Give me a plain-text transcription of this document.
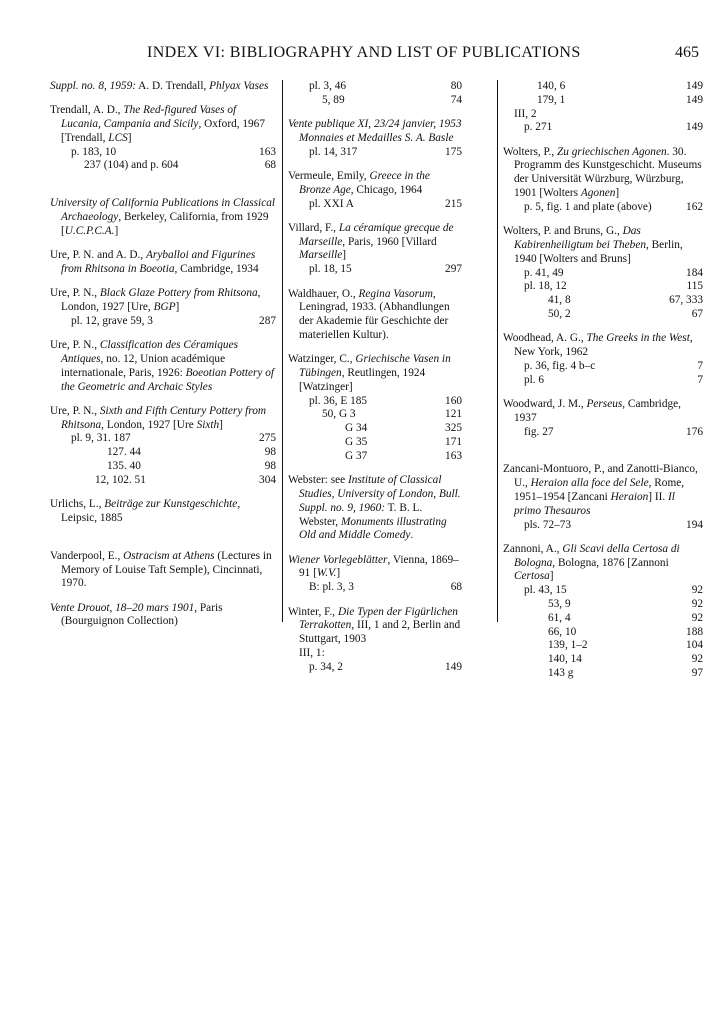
INDEX VI: BIBLIOGRAPHY AND LIST OF PUBLICATIONS	465
Suppl. no. 8, 1959: A. D. Trendall, Phlyax Vases
Trendall, A. D., The Red-figured Vases of Lucania, Campania and Sicily, Oxford, 1967 [Trendall, LCS]
p. 183, 10	163
237 (104) and p. 604	68
University of California Publications in Classical Archaeology, Berkeley, California, from 1929 [U.C.P.C.A.]
Ure, P. N. and A. D., Aryballoi and Figurines from Rhitsona in Boeotia, Cambridge, 1934
Ure, P. N., Black Glaze Pottery from Rhitsona, London, 1927 [Ure, BGP]
pl. 12, grave 59, 3	287
Ure, P. N., Classification des Céramiques Antiques, no. 12, Union académique internationale, Paris, 1926: Boeotian Pottery of the Geometric and Archaic Styles
Ure, P. N., Sixth and Fifth Century Pottery from Rhitsona, London, 1927 [Ure Sixth]
pl. 9, 31. 187	275
127. 44	98
135. 40	98
12, 102. 51	304
Urlichs, L., Beiträge zur Kunstgeschichte, Leipsic, 1885
Vanderpool, E., Ostracism at Athens (Lectures in Memory of Louise Taft Semple), Cincinnati, 1970.
Vente Drouot, 18–20 mars 1901, Paris (Bourguignon Collection)
pl. 3, 46	80
5, 89	74
Vente publique XI, 23/24 janvier, 1953 Monnaies et Medailles S. A. Basle
pl. 14, 317	175
Vermeule, Emily, Greece in the Bronze Age, Chicago, 1964
pl. XXI A	215
Villard, F., La céramique grecque de Marseille, Paris, 1960 [Villard Marseille]
pl. 18, 15	297
Waldhauer, O., Regina Vasorum, Leningrad, 1933. (Abhandlungen der Akademie für Geschichte der materiellen Kultur).
Watzinger, C., Griechische Vasen in Tübingen, Reutlingen, 1924 [Watzinger]
pl. 36, E 185	160
50, G 3	121
G 34	325
G 35	171
G 37	163
Webster: see Institute of Classical Studies, University of London, Bull. Suppl. no. 9, 1960: T. B. L. Webster, Monuments illustrating Old and Middle Comedy.
Wiener Vorlegeblätter, Vienna, 1869–91 [W.V.]
B: pl. 3, 3	68
Winter, F., Die Typen der Figürlichen Terrakotten, III, 1 and 2, Berlin and Stuttgart, 1903
III, 1:
p. 34, 2	149
140, 6	149
179, 1	149
III, 2
p. 271	149
Wolters, P., Zu griechischen Agonen. 30. Programm des Kunstgeschicht. Museums der Universität Würzburg, Würzburg, 1901 [Wolters Agonen]
p. 5, fig. 1 and plate (above)	162
Wolters, P. and Bruns, G., Das Kabirenheiligtum bei Theben, Berlin, 1940 [Wolters and Bruns]
p. 41, 49	184
pl. 18, 12	115
41, 8	67, 333
50, 2	67
Woodhead, A. G., The Greeks in the West, New York, 1962
p. 36, fig. 4 b–c	7
pl. 6	7
Woodward, J. M., Perseus, Cambridge, 1937
fig. 27	176
Zancani-Montuoro, P., and Zanotti-Bianco, U., Heraion alla foce del Sele, Rome, 1951–1954 [Zancani Heraion] II. Il primo Thesauros
pls. 72–73	194
Zannoni, A., Gli Scavi della Certosa di Bologna, Bologna, 1876 [Zannoni Certosa]
pl. 43, 15	92
53, 9	92
61, 4	92
66, 10	188
139, 1–2	104
140, 14	92
143 g	97
